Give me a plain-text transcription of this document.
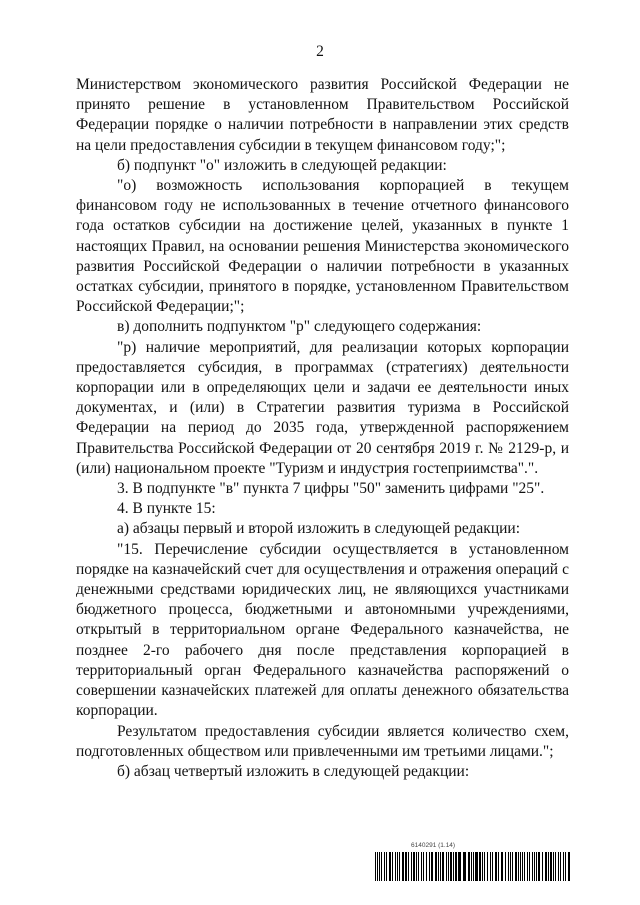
2

Министерством экономического развития Российской Федерации не принято решение в установленном Правительством Российской Федерации порядке о наличии потребности в направлении этих средств на цели предоставления субсидии в текущем финансовом году;";

б) подпункт "о" изложить в следующей редакции:

"о) возможность использования корпорацией в текущем финансовом году не использованных в течение отчетного финансового года остатков субсидии на достижение целей, указанных в пункте 1 настоящих Правил, на основании решения Министерства экономического развития Российской Федерации о наличии потребности в указанных остатках субсидии, принятого в порядке, установленном Правительством Российской Федерации;";

в) дополнить подпунктом "р" следующего содержания:

"р) наличие мероприятий, для реализации которых корпорации предоставляется субсидия, в программах (стратегиях) деятельности корпорации или в определяющих цели и задачи ее деятельности иных документах, и (или) в Стратегии развития туризма в Российской Федерации на период до 2035 года, утвержденной распоряжением Правительства Российской Федерации от 20 сентября 2019 г. № 2129-р, и (или) национальном проекте "Туризм и индустрия гостеприимства".".

3. В подпункте "в" пункта 7 цифры "50" заменить цифрами "25".

4. В пункте 15:

а) абзацы первый и второй изложить в следующей редакции:

"15. Перечисление субсидии осуществляется в установленном порядке на казначейский счет для осуществления и отражения операций с денежными средствами юридических лиц, не являющихся участниками бюджетного процесса, бюджетными и автономными учреждениями, открытый в территориальном органе Федерального казначейства, не позднее 2-го рабочего дня после представления корпорацией в территориальный орган Федерального казначейства распоряжений о совершении казначейских платежей для оплаты денежного обязательства корпорации.

Результатом предоставления субсидии является количество схем, подготовленных обществом или привлеченными им третьими лицами.";

б) абзац четвертый изложить в следующей редакции:

6140291 (1.14)
